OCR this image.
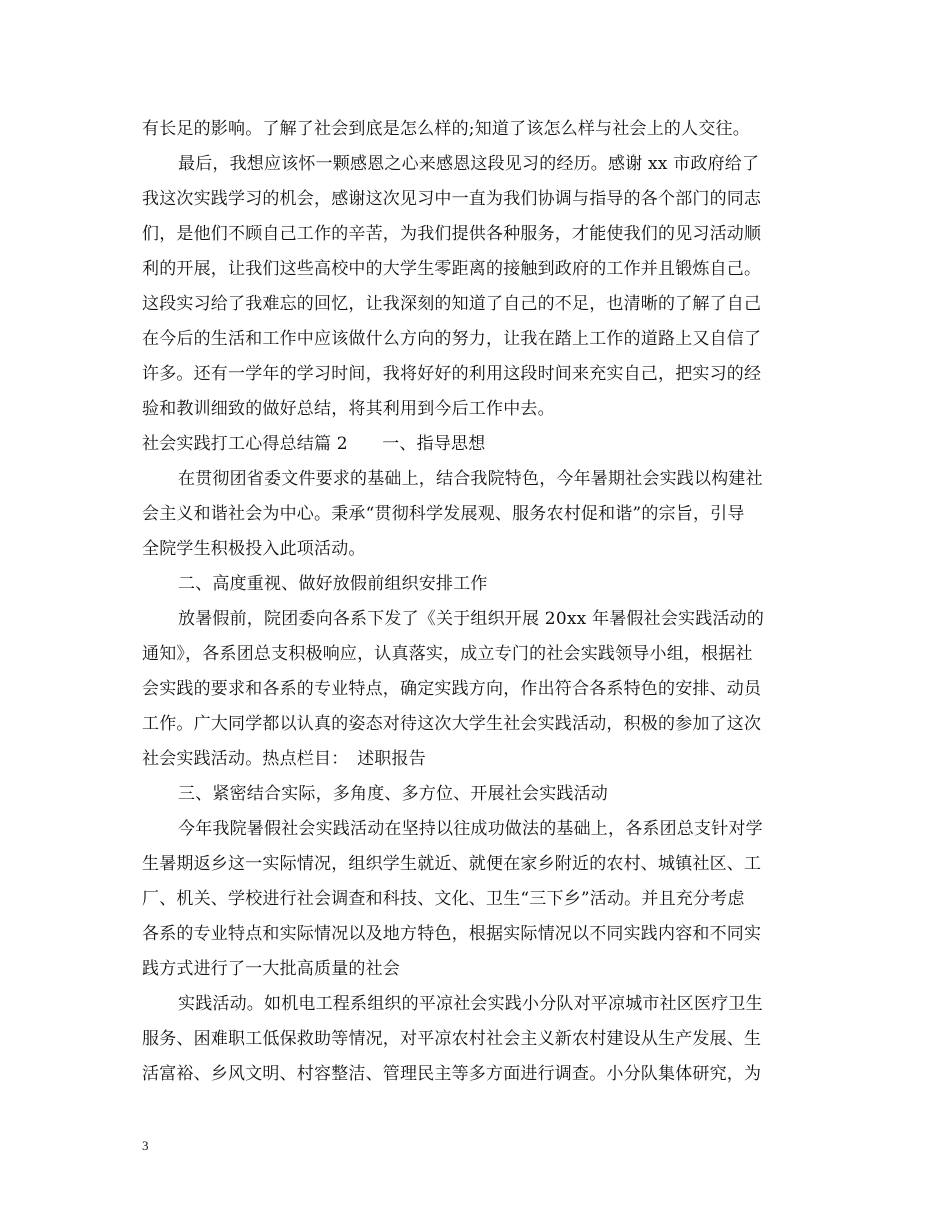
有长足的影响。了解了社会到底是怎么样的;知道了该怎么样与社会上的人交往。
最后，我想应该怀一颗感恩之心来感恩这段见习的经历。感谢 xx 市政府给了
我这次实践学习的机会，感谢这次见习中一直为我们协调与指导的各个部门的同志
们，是他们不顾自己工作的辛苦，为我们提供各种服务，才能使我们的见习活动顺
利的开展，让我们这些高校中的大学生零距离的接触到政府的工作并且锻炼自己。
这段实习给了我难忘的回忆，让我深刻的知道了自己的不足，也清晰的了解了自己
在今后的生活和工作中应该做什么方向的努力，让我在踏上工作的道路上又自信了
许多。还有一学年的学习时间，我将好好的利用这段时间来充实自己，把实习的经
验和教训细致的做好总结，将其利用到今后工作中去。
社会实践打工心得总结篇 2　　一、指导思想
在贯彻团省委文件要求的基础上，结合我院特色，今年暑期社会实践以构建社
会主义和谐社会为中心。秉承“贯彻科学发展观、服务农村促和谐”的宗旨，引导
全院学生积极投入此项活动。
二、高度重视、做好放假前组织安排工作
放暑假前，院团委向各系下发了《关于组织开展 20xx 年暑假社会实践活动的
通知》，各系团总支积极响应，认真落实，成立专门的社会实践领导小组，根据社
会实践的要求和各系的专业特点，确定实践方向，作出符合各系特色的安排、动员
工作。广大同学都以认真的姿态对待这次大学生社会实践活动，积极的参加了这次
社会实践活动。热点栏目：　述职报告
三、紧密结合实际，多角度、多方位、开展社会实践活动
今年我院暑假社会实践活动在坚持以往成功做法的基础上，各系团总支针对学
生暑期返乡这一实际情况，组织学生就近、就便在家乡附近的农村、城镇社区、工
厂、机关、学校进行社会调查和科技、文化、卫生“三下乡”活动。并且充分考虑
各系的专业特点和实际情况以及地方特色，根据实际情况以不同实践内容和不同实
践方式进行了一大批高质量的社会
实践活动。如机电工程系组织的平凉社会实践小分队对平凉城市社区医疗卫生
服务、困难职工低保救助等情况，对平凉农村社会主义新农村建设从生产发展、生
活富裕、乡风文明、村容整洁、管理民主等多方面进行调查。小分队集体研究，为
3
